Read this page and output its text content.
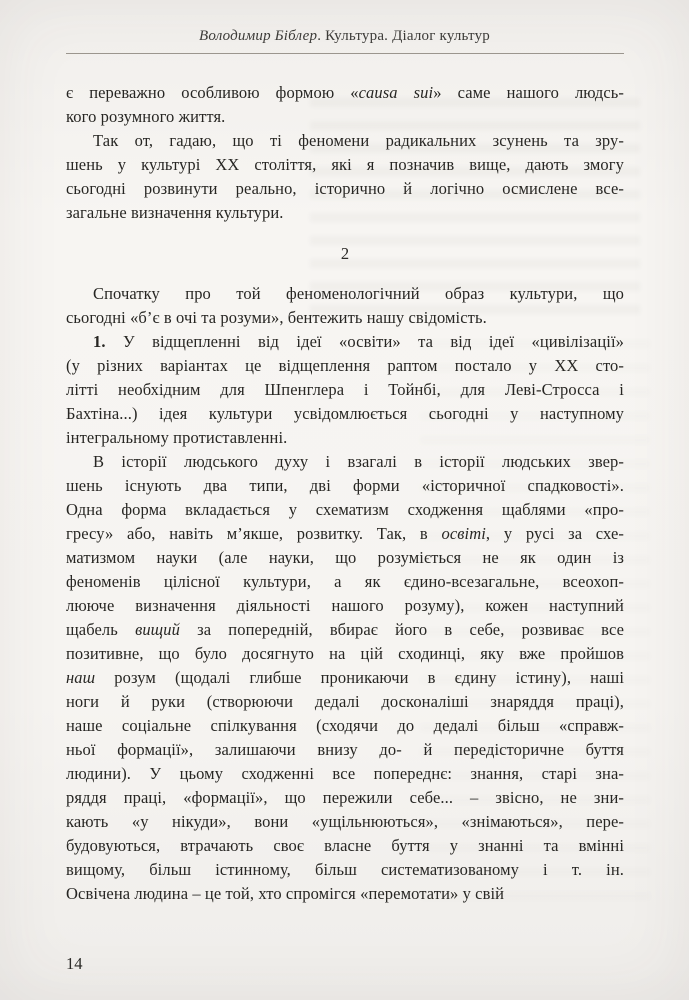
Володимир Біблер. Культура. Діалог культур
є переважно особливою формою «causa sui» саме нашого людсь-
кого розумного життя.
Так от, гадаю, що ті феномени радикальних зсунень та зру-
шень у культурі ХХ століття, які я позначив вище, дають змогу
сьогодні розвинути реально, історично й логічно осмислене все-
загальне визначення культури.
2
Спочатку про той феноменологічний образ культури, що
сьогодні «б’є в очі та розуми», бентежить нашу свідомість.
1. У відщепленні від ідеї «освіти» та від ідеї «цивілізації»
(у різних варіантах це відщеплення раптом постало у ХХ сто-
літті необхідним для Шпенглера і Тойнбі, для Леві-Стросса і
Бахтіна...) ідея культури усвідомлюється сьогодні у наступному
інтегральному протиставленні.
В історії людського духу і взагалі в історії людських звер-
шень існують два типи, дві форми «історичної спадковості».
Одна форма вкладається у схематизм сходження щаблями «про-
гресу» або, навіть м’якше, розвитку. Так, в освіті, у русі за схе-
матизмом науки (але науки, що розуміється не як один із
феноменів цілісної культури, а як єдино-всезагальне, всеохоп-
лююче визначення діяльності нашого розуму), кожен наступний
щабель вищий за попередній, вбирає його в себе, розвиває все
позитивне, що було досягнуто на цій сходинці, яку вже пройшов
наш розум (щодалі глибше проникаючи в єдину істину), наші
ноги й руки (створюючи дедалі досконаліші знаряддя праці),
наше соціальне спілкування (сходячи до дедалі більш «справж-
ньої формації», залишаючи внизу до- й передісторичне буття
людини). У цьому сходженні все попереднє: знання, старі зна-
ряддя праці, «формації», що пережили себе... – звісно, не зни-
кають «у нікуди», вони «ущільнюються», «знімаються», пере-
будовуються, втрачають своє власне буття у знанні та вмінні
вищому, більш істинному, більш систематизованому і т. ін.
Освічена людина – це той, хто спромігся «перемотати» у свій
14
